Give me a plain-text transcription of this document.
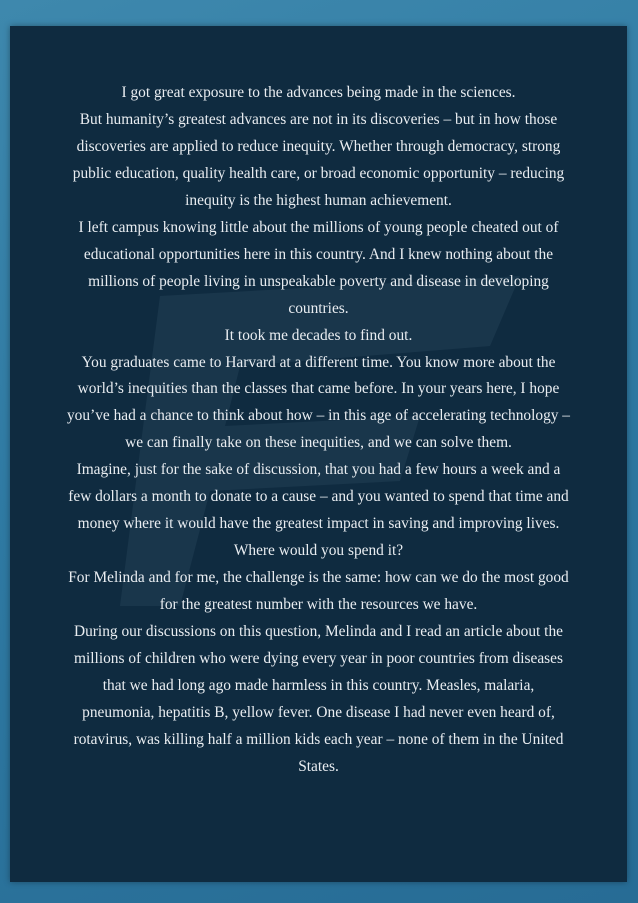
I got great exposure to the advances being made in the sciences.
But humanity’s greatest advances are not in its discoveries – but in how those
discoveries are applied to reduce inequity. Whether through democracy, strong
public education, quality health care, or broad economic opportunity – reducing
inequity is the highest human achievement.
I left campus knowing little about the millions of young people cheated out of
educational opportunities here in this country. And I knew nothing about the
millions of people living in unspeakable poverty and disease in developing
countries.
It took me decades to find out.
You graduates came to Harvard at a different time. You know more about the
world’s inequities than the classes that came before. In your years here, I hope
you’ve had a chance to think about how – in this age of accelerating technology –
we can finally take on these inequities, and we can solve them.
Imagine, just for the sake of discussion, that you had a few hours a week and a
few dollars a month to donate to a cause – and you wanted to spend that time and
money where it would have the greatest impact in saving and improving lives.
Where would you spend it?
For Melinda and for me, the challenge is the same: how can we do the most good
for the greatest number with the resources we have.
During our discussions on this question, Melinda and I read an article about the
millions of children who were dying every year in poor countries from diseases
that we had long ago made harmless in this country. Measles, malaria,
pneumonia, hepatitis B, yellow fever. One disease I had never even heard of,
rotavirus, was killing half a million kids each year – none of them in the United
States.
